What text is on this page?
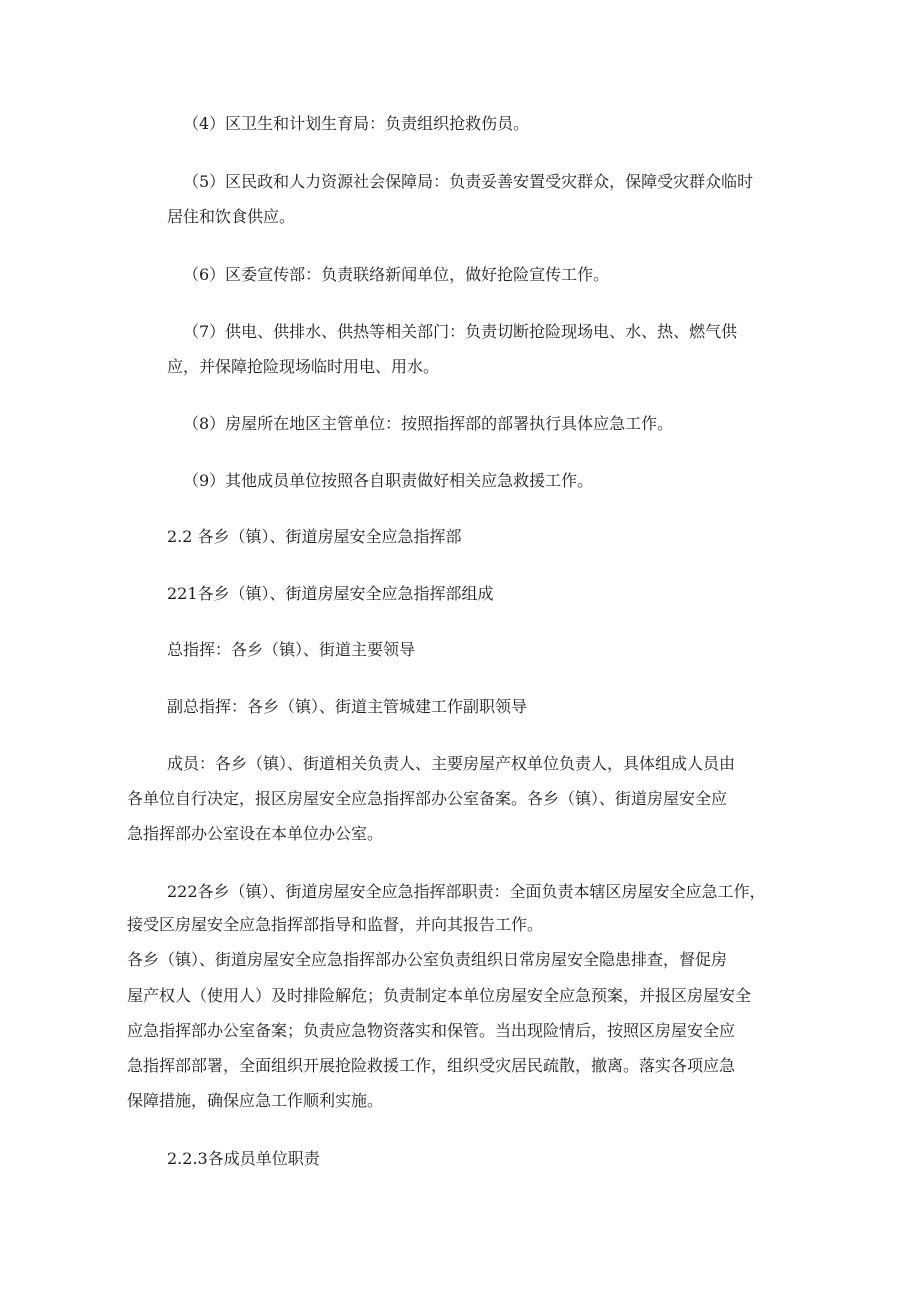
（4）区卫生和计划生育局：负责组织抢救伤员。

（5）区民政和人力资源社会保障局：负责妥善安置受灾群众，保障受灾群众临时

居住和饮食供应。

（6）区委宣传部：负责联络新闻单位，做好抢险宣传工作。

（7）供电、供排水、供热等相关部门：负责切断抢险现场电、水、热、燃气供

应，并保障抢险现场临时用电、用水。

（8）房屋所在地区主管单位：按照指挥部的部署执行具体应急工作。

（9）其他成员单位按照各自职责做好相关应急救援工作。

2.2 各乡（镇）、街道房屋安全应急指挥部

221各乡（镇）、街道房屋安全应急指挥部组成

总指挥：各乡（镇）、街道主要领导

副总指挥：各乡（镇）、街道主管城建工作副职领导

成员：各乡（镇）、街道相关负责人、主要房屋产权单位负责人，具体组成人员由

各单位自行决定，报区房屋安全应急指挥部办公室备案。各乡（镇）、街道房屋安全应

急指挥部办公室设在本单位办公室。

222各乡（镇）、街道房屋安全应急指挥部职责：全面负责本辖区房屋安全应急工作，

接受区房屋安全应急指挥部指导和监督，并向其报告工作。

各乡（镇）、街道房屋安全应急指挥部办公室负责组织日常房屋安全隐患排查，督促房

屋产权人（使用人）及时排险解危；负责制定本单位房屋安全应急预案，并报区房屋安全

应急指挥部办公室备案；负责应急物资落实和保管。当出现险情后，按照区房屋安全应

急指挥部部署，全面组织开展抢险救援工作，组织受灾居民疏散，撤离。落实各项应急

保障措施，确保应急工作顺利实施。

2.2.3各成员单位职责
